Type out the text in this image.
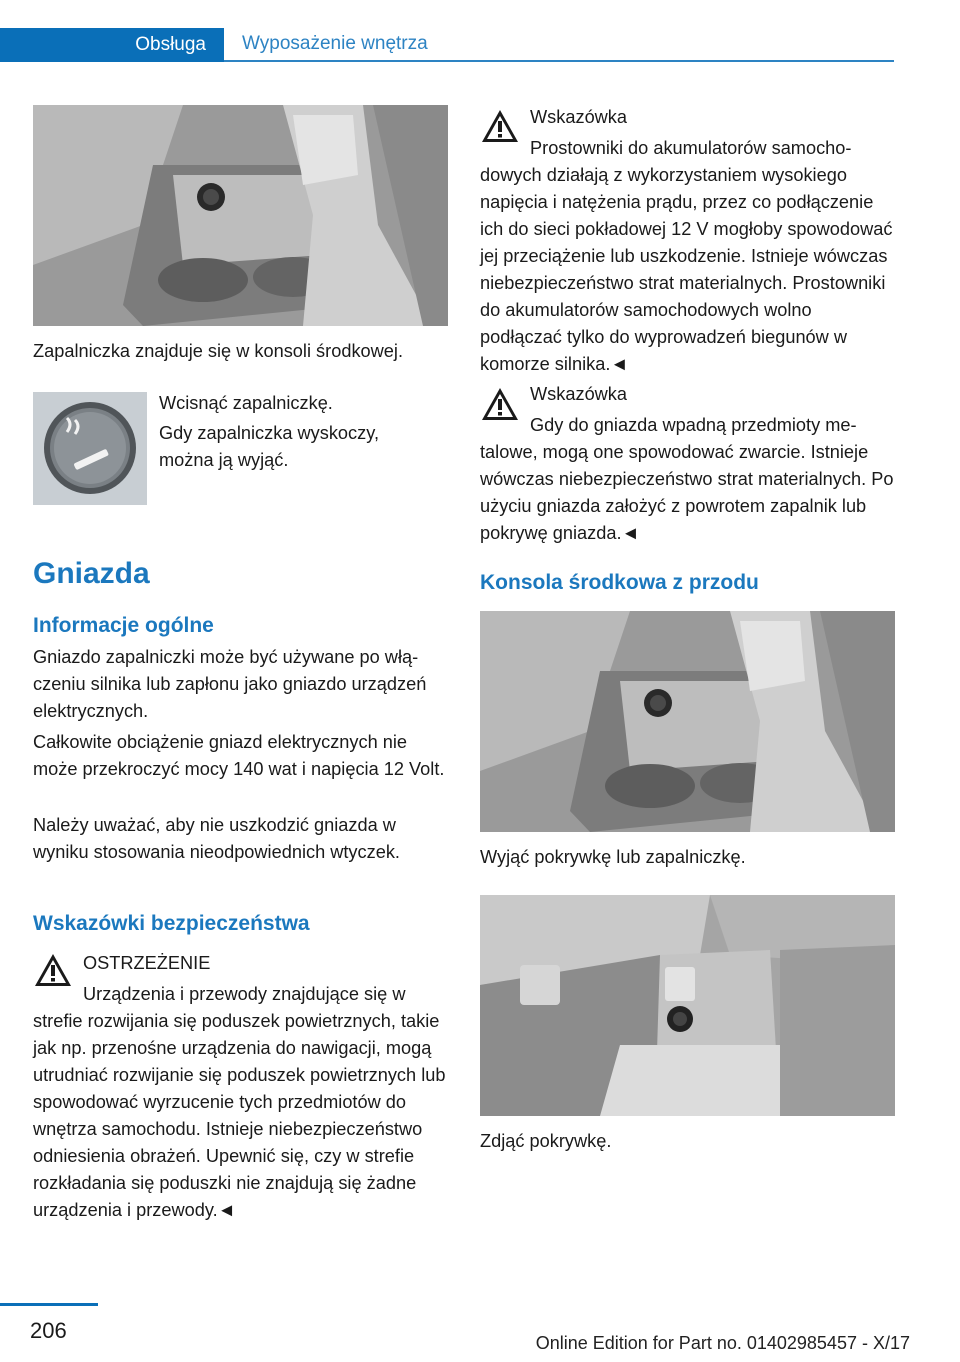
Obsługa	Wyposażenie wnętrza

Zapalniczka znajduje się w konsoli środkowej.

Wcisnąć zapalniczkę.

Gdy zapalniczka wyskoczy, można ją wyjąć.

Gniazda
Informacje ogólne

Gniazdo zapalniczki może być używane po włączeniu silnika lub zapłonu jako gniazdo urządzeń elektrycznych.

Całkowite obciążenie gniazd elektrycznych nie może przekroczyć mocy 140 wat i napięcia 12 Volt.

Należy uważać, aby nie uszkodzić gniazda w wyniku stosowania nieodpowiednich wtyczek.

Wskazówki bezpieczeństwa

OSTRZEŻENIE

Urządzenia i przewody znajdujące się w strefie rozwijania się poduszek powietrznych, takie jak np. przenośne urządzenia do nawigacji, mogą utrudniać rozwijanie się poduszek powietrznych lub spowodować wyrzucenie tych przedmiotów do wnętrza samochodu. Istnieje niebezpieczeństwo odniesienia obrażeń. Upewnić się, czy w strefie rozkładania się poduszki nie znajdują się żadne urządzenia i przewody.◄

Wskazówka

Prostowniki do akumulatorów samochodowych działają z wykorzystaniem wysokiego napięcia i natężenia prądu, przez co podłączenie ich do sieci pokładowej 12 V mogłoby spowodować jej przeciążenie lub uszkodzenie. Istnieje wówczas niebezpieczeństwo strat materialnych. Prostowniki do akumulatorów samochodowych wolno podłączać tylko do wyprowadzeń biegunów w komorze silnika.◄

Wskazówka

Gdy do gniazda wpadną przedmioty metalowe, mogą one spowodować zwarcie. Istnieje wówczas niebezpieczeństwo strat materialnych. Po użyciu gniazda założyć z powrotem zapalnik lub pokrywę gniazda.◄

Konsola środkowa z przodu

Wyjąć pokrywkę lub zapalniczkę.

Zdjąć pokrywkę.

206	Online Edition for Part no. 01402985457 - X/17
